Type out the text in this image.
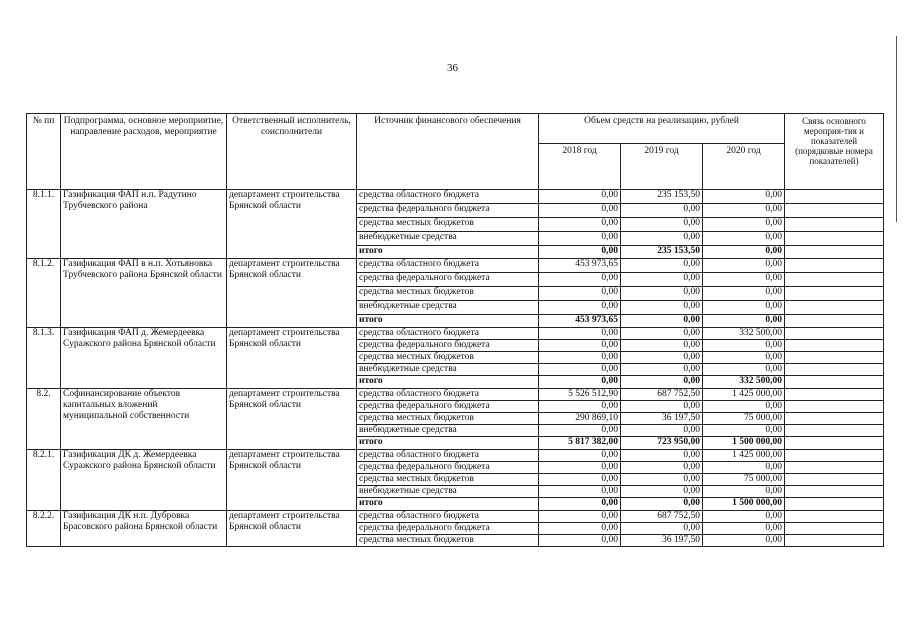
36
№ пп	Подпрограмма, основное мероприятие, направление расходов, мероприятие	Ответственный исполнитель, соисполнители	Источник финансового обеспечения	Объем средств на реализацию, рублей			Связь основного мероприя-тия и показателей (порядковые номера показателей)
				2018 год	2019 год	2020 год	
8.1.1.	Газификация ФАП н.п. Радутино Трубчевского района	департамент строительства Брянской области	средства областного бюджета	0,00	235 153,50	0,00	
			средства федерального бюджета	0,00	0,00	0,00	
			средства местных бюджетов	0,00	0,00	0,00	
			внебюджетные средства	0,00	0,00	0,00	
			итого	0,00	235 153,50	0,00	
8.1.2.	Газификация ФАП в н.п. Хотьяновка Трубчевского района Брянской области	департамент строительства Брянской области	средства областного бюджета	453 973,65	0,00	0,00	
			средства федерального бюджета	0,00	0,00	0,00	
			средства местных бюджетов	0,00	0,00	0,00	
			внебюджетные средства	0,00	0,00	0,00	
			итого	453 973,65	0,00	0,00	
8.1.3.	Газификация ФАП д. Жемердеевка Суражского района Брянской области	департамент строительства Брянской области	средства областного бюджета	0,00	0,00	332 500,00	
			средства федерального бюджета	0,00	0,00	0,00	
			средства местных бюджетов	0,00	0,00	0,00	
			внебюджетные средства	0,00	0,00	0,00	
			итого	0,00	0,00	332 500,00	
8.2.	Софинансирование объектов капитальных вложений муниципальной собственности	департамент строительства Брянской области	средства областного бюджета	5 526 512,90	687 752,50	1 425 000,00	
			средства федерального бюджета	0,00	0,00	0,00	
			средства местных бюджетов	290 869,10	36 197,50	75 000,00	
			внебюджетные средства	0,00	0,00	0,00	
			итого	5 817 382,00	723 950,00	1 500 000,00	
8.2.1.	Газификация ДК д. Жемердеевка Суражского района Брянской области	департамент строительства Брянской области	средства областного бюджета	0,00	0,00	1 425 000,00	
			средства федерального бюджета	0,00	0,00	0,00	
			средства местных бюджетов	0,00	0,00	75 000,00	
			внебюджетные средства	0,00	0,00	0,00	
			итого	0,00	0,00	1 500 000,00	
8.2.2.	Газификация ДК н.п. Дубровка Брасовского района Брянской области	департамент строительства Брянской области	средства областного бюджета	0,00	687 752,50	0,00	
			средства федерального бюджета	0,00	0,00	0,00	
			средства местных бюджетов	0,00	36 197,50	0,00	
